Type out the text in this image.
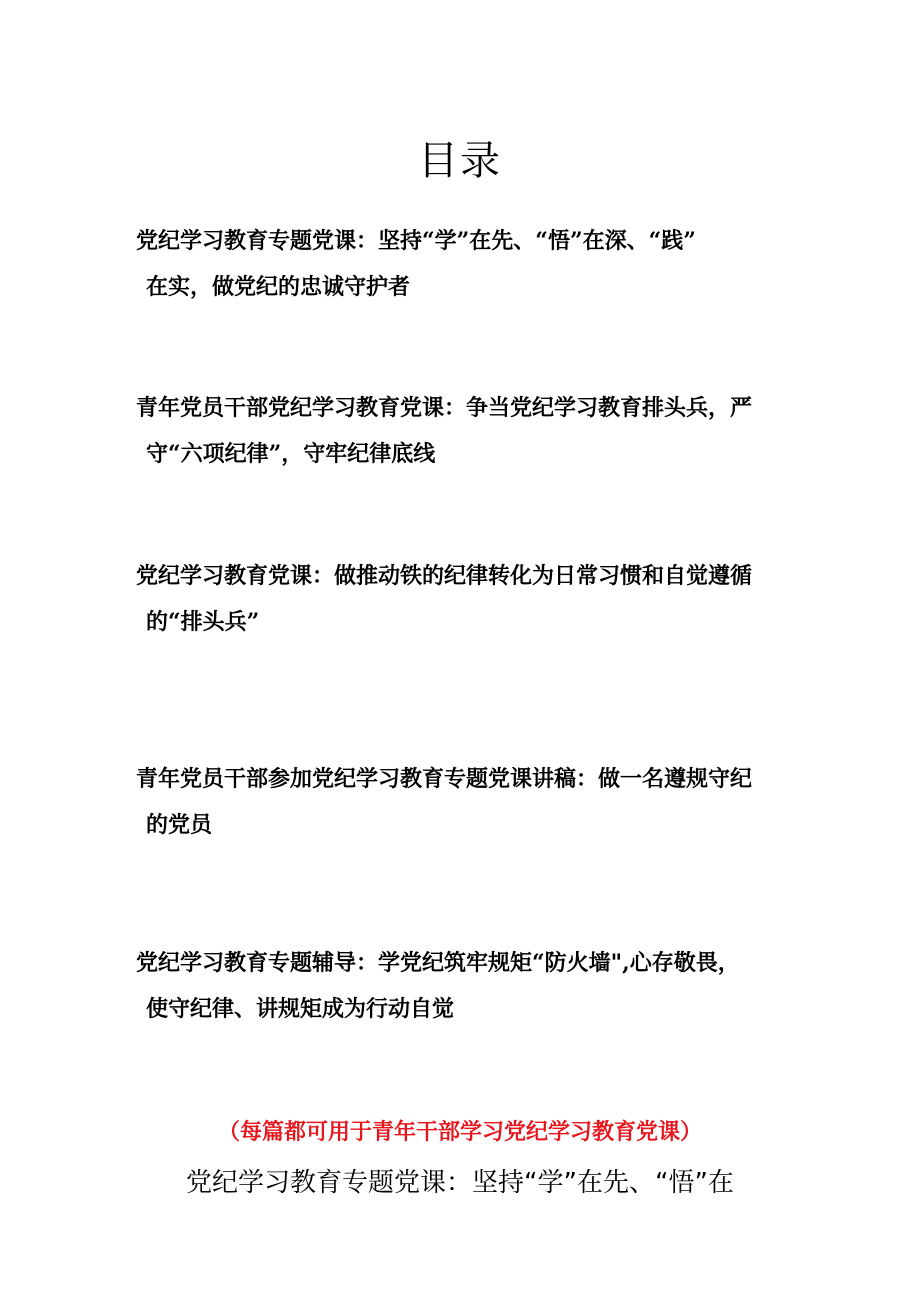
目录
党纪学习教育专题党课：坚持“学”在先、“悟”在深、“践”
在实，做党纪的忠诚守护者
青年党员干部党纪学习教育党课：争当党纪学习教育排头兵，严
守“六项纪律”，守牢纪律底线
党纪学习教育党课：做推动铁的纪律转化为日常习惯和自觉遵循
的“排头兵”
青年党员干部参加党纪学习教育专题党课讲稿：做一名遵规守纪
的党员
党纪学习教育专题辅导：学党纪筑牢规矩“防火墙",心存敬畏，
使守纪律、讲规矩成为行动自觉
（每篇都可用于青年干部学习党纪学习教育党课）
党纪学习教育专题党课：坚持“学”在先、“悟”在
